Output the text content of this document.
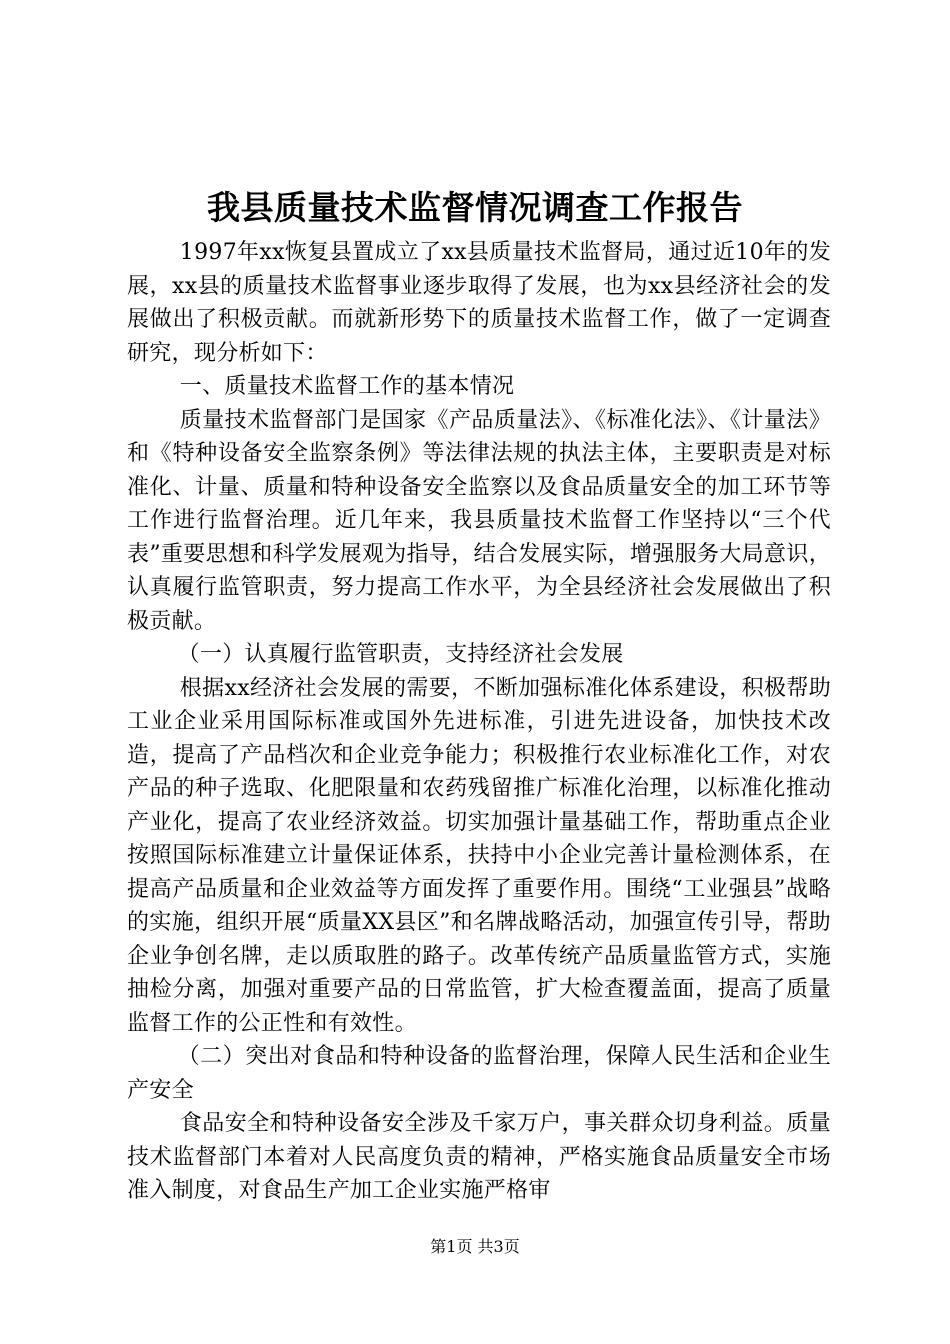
我县质量技术监督情况调查工作报告

1997年xx恢复县置成立了xx县质量技术监督局，通过近10年的发展，xx县的质量技术监督事业逐步取得了发展，也为xx县经济社会的发展做出了积极贡献。而就新形势下的质量技术监督工作，做了一定调查研究，现分析如下：

一、质量技术监督工作的基本情况

质量技术监督部门是国家《产品质量法》、《标准化法》、《计量法》和《特种设备安全监察条例》等法律法规的执法主体，主要职责是对标准化、计量、质量和特种设备安全监察以及食品质量安全的加工环节等工作进行监督治理。近几年来，我县质量技术监督工作坚持以“三个代表”重要思想和科学发展观为指导，结合发展实际，增强服务大局意识，认真履行监管职责，努力提高工作水平，为全县经济社会发展做出了积极贡献。

（一）认真履行监管职责，支持经济社会发展

根据xx经济社会发展的需要，不断加强标准化体系建设，积极帮助工业企业采用国际标准或国外先进标准，引进先进设备，加快技术改造，提高了产品档次和企业竞争能力；积极推行农业标准化工作，对农产品的种子选取、化肥限量和农药残留推广标准化治理，以标准化推动产业化，提高了农业经济效益。切实加强计量基础工作，帮助重点企业按照国际标准建立计量保证体系，扶持中小企业完善计量检测体系，在提高产品质量和企业效益等方面发挥了重要作用。围绕“工业强县”战略的实施，组织开展“质量XX县区”和名牌战略活动，加强宣传引导，帮助企业争创名牌，走以质取胜的路子。改革传统产品质量监管方式，实施抽检分离，加强对重要产品的日常监管，扩大检查覆盖面，提高了质量监督工作的公正性和有效性。

（二）突出对食品和特种设备的监督治理，保障人民生活和企业生产安全

食品安全和特种设备安全涉及千家万户，事关群众切身利益。质量技术监督部门本着对人民高度负责的精神，严格实施食品质量安全市场准入制度，对食品生产加工企业实施严格审

第1页 共3页
